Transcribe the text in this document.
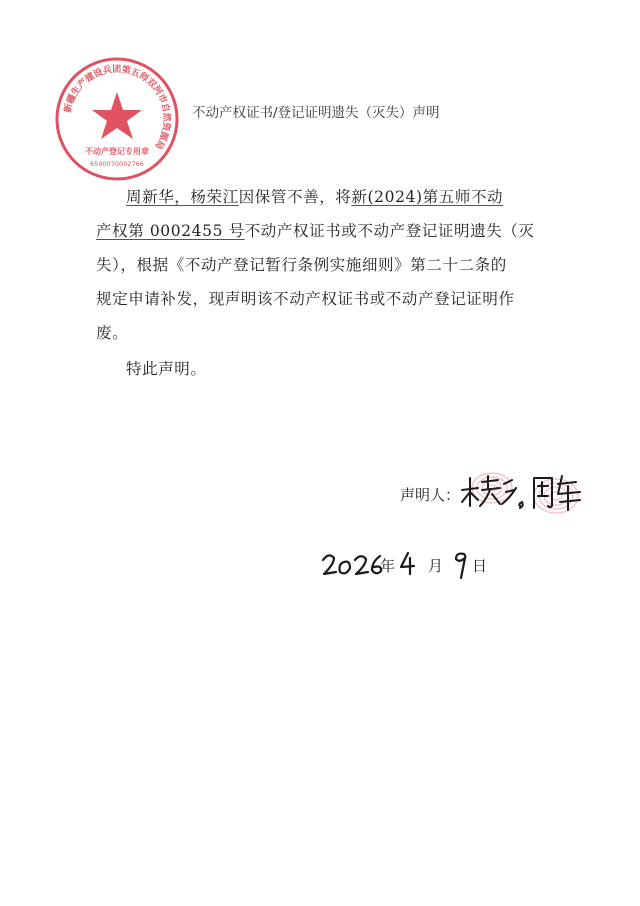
新疆生产建设兵团第五师双河市自然资源局
不动产登记专用章
6590070002766
不动产权证书/登记证明遗失（灭失）声明
周新华，杨荣江因保管不善，将新(2024)第五师不动
产权第 0002455 号不动产权证书或不动产登记证明遗失（灭
失），根据《不动产登记暂行条例实施细则》第二十二条的
规定申请补发，现声明该不动产权证书或不动产登记证明作
废。
特此声明。
声明人：
年 月 日
